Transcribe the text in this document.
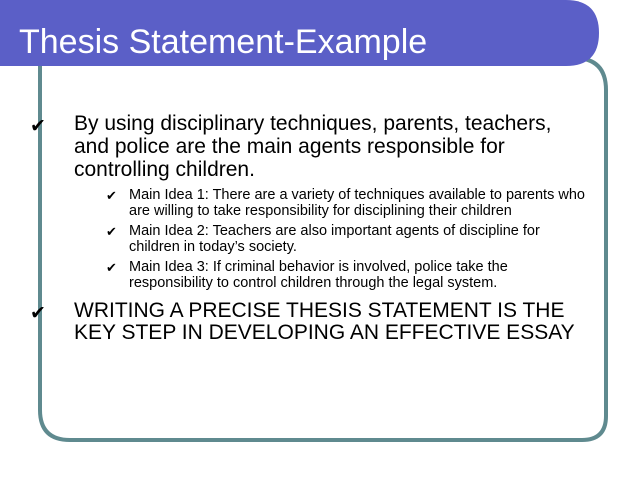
Thesis Statement-Example

✔ By using disciplinary techniques, parents, teachers, and police are the main agents responsible for controlling children.

✔ Main Idea 1: There are a variety of techniques available to parents who are willing to take responsibility for disciplining their children

✔ Main Idea 2: Teachers are also important agents of discipline for children in today’s society.

✔ Main Idea 3: If criminal behavior is involved, police take the responsibility to control children through the legal system.

✔ WRITING A PRECISE THESIS STATEMENT IS THE KEY STEP IN DEVELOPING AN EFFECTIVE ESSAY
